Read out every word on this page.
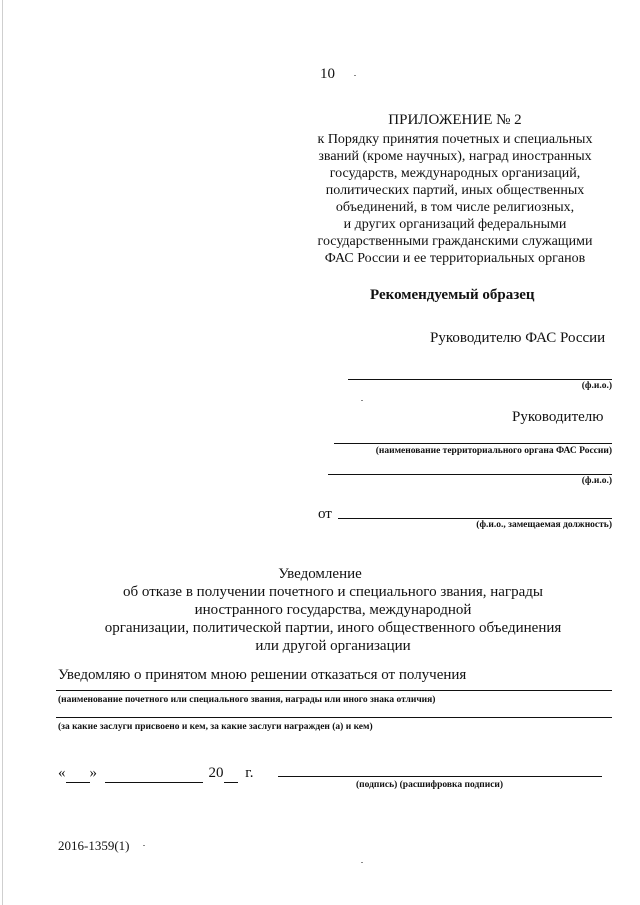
10
ПРИЛОЖЕНИЕ № 2
к Порядку принятия почетных и специальных
званий (кроме научных), наград иностранных
государств, международных организаций,
политических партий, иных общественных
объединений, в том числе религиозных,
и других организаций федеральными
государственными гражданскими служащими
ФАС России и ее территориальных органов
Рекомендуемый образец
Руководителю ФАС России
(ф.и.о.)
Руководителю
(наименование территориального органа ФАС России)
(ф.и.о.)
от
(ф.и.о., замещаемая должность)
Уведомление
об отказе в получении почетного и специального звания, награды
иностранного государства, международной
организации, политической партии, иного общественного объединения
или другой организации
Уведомляю о принятом мною решении отказаться от получения
(наименование почетного или специального звания, награды или иного знака отличия)
(за какие заслуги присвоено и кем, за какие заслуги награжден (а) и кем)
« »	20 г.
(подпись) (расшифровка подписи)
2016-1359(1)
